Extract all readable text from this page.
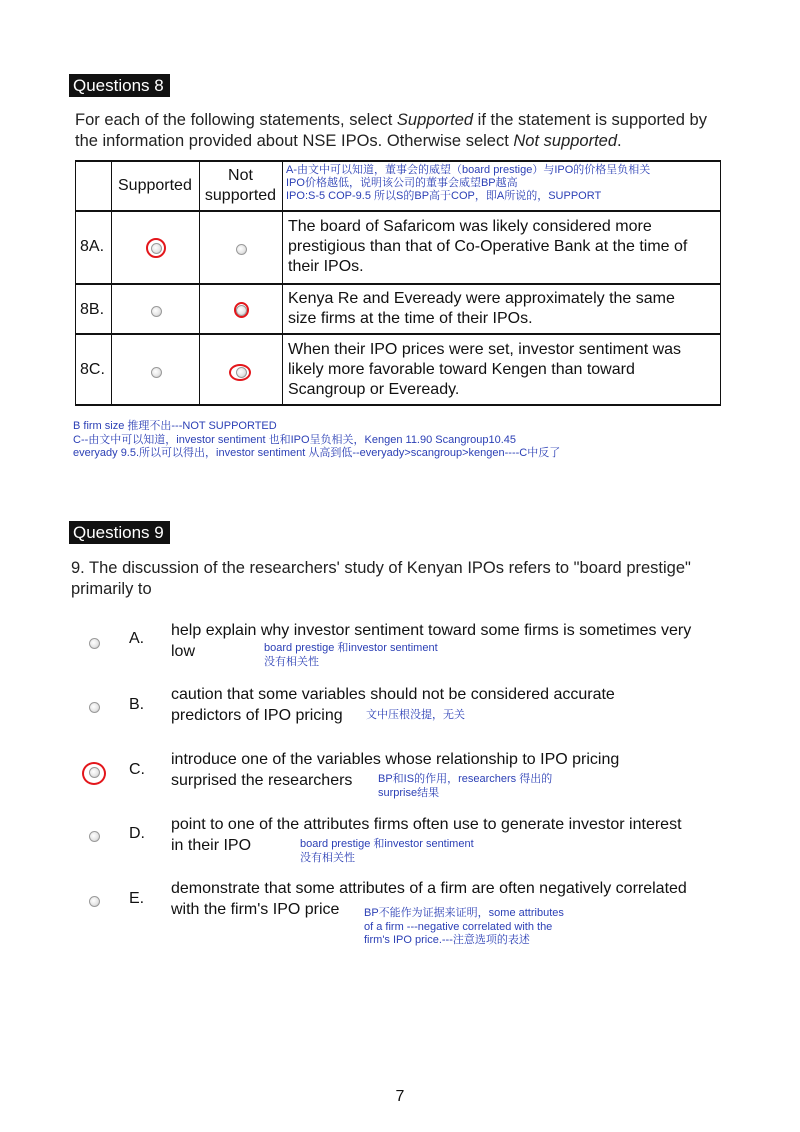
Questions 8
For each of the following statements, select Supported if the statement is supported by
the information provided about NSE IPOs. Otherwise select Not supported.
Supported
Not
supported
A-由文中可以知道，董事会的威望（board prestige）与IPO的价格呈负相关
IPO价格越低，说明该公司的董事会威望BP越高
IPO:S-5 COP-9.5 所以S的BP高于COP，即A所说的，SUPPORT
8A.
The board of Safaricom was likely considered more
prestigious than that of Co-Operative Bank at the time of
their IPOs.
8B.
Kenya Re and Eveready were approximately the same
size firms at the time of their IPOs.
8C.
When their IPO prices were set, investor sentiment was
likely more favorable toward Kengen than toward
Scangroup or Eveready.
B firm size 推理不出---NOT SUPPORTED
C--由文中可以知道，investor sentiment 也和IPO呈负相关，Kengen 11.90 Scangroup10.45
everyady 9.5.所以可以得出，investor sentiment 从高到低--everyady>scangroup>kengen----C中反了
Questions 9
9. The discussion of the researchers' study of Kenyan IPOs refers to "board prestige"
primarily to
A. help explain why investor sentiment toward some firms is sometimes very
low	board prestige 和investor sentiment
没有相关性
B.
caution that some variables should not be considered accurate
predictors of IPO pricing	文中压根没提，无关
C.
introduce one of the variables whose relationship to IPO pricing
surprised the researchers	BP和IS的作用，researchers 得出的
surprise结果
D.
point to one of the attributes firms often use to generate investor interest
in their IPO	board prestige 和investor sentiment
没有相关性
E.
demonstrate that some attributes of a firm are often negatively correlated
with the firm's IPO price	BP不能作为证据来证明，some attributes
of a firm ---negative correlated with the
firm's IPO price.---注意选项的表述
7
